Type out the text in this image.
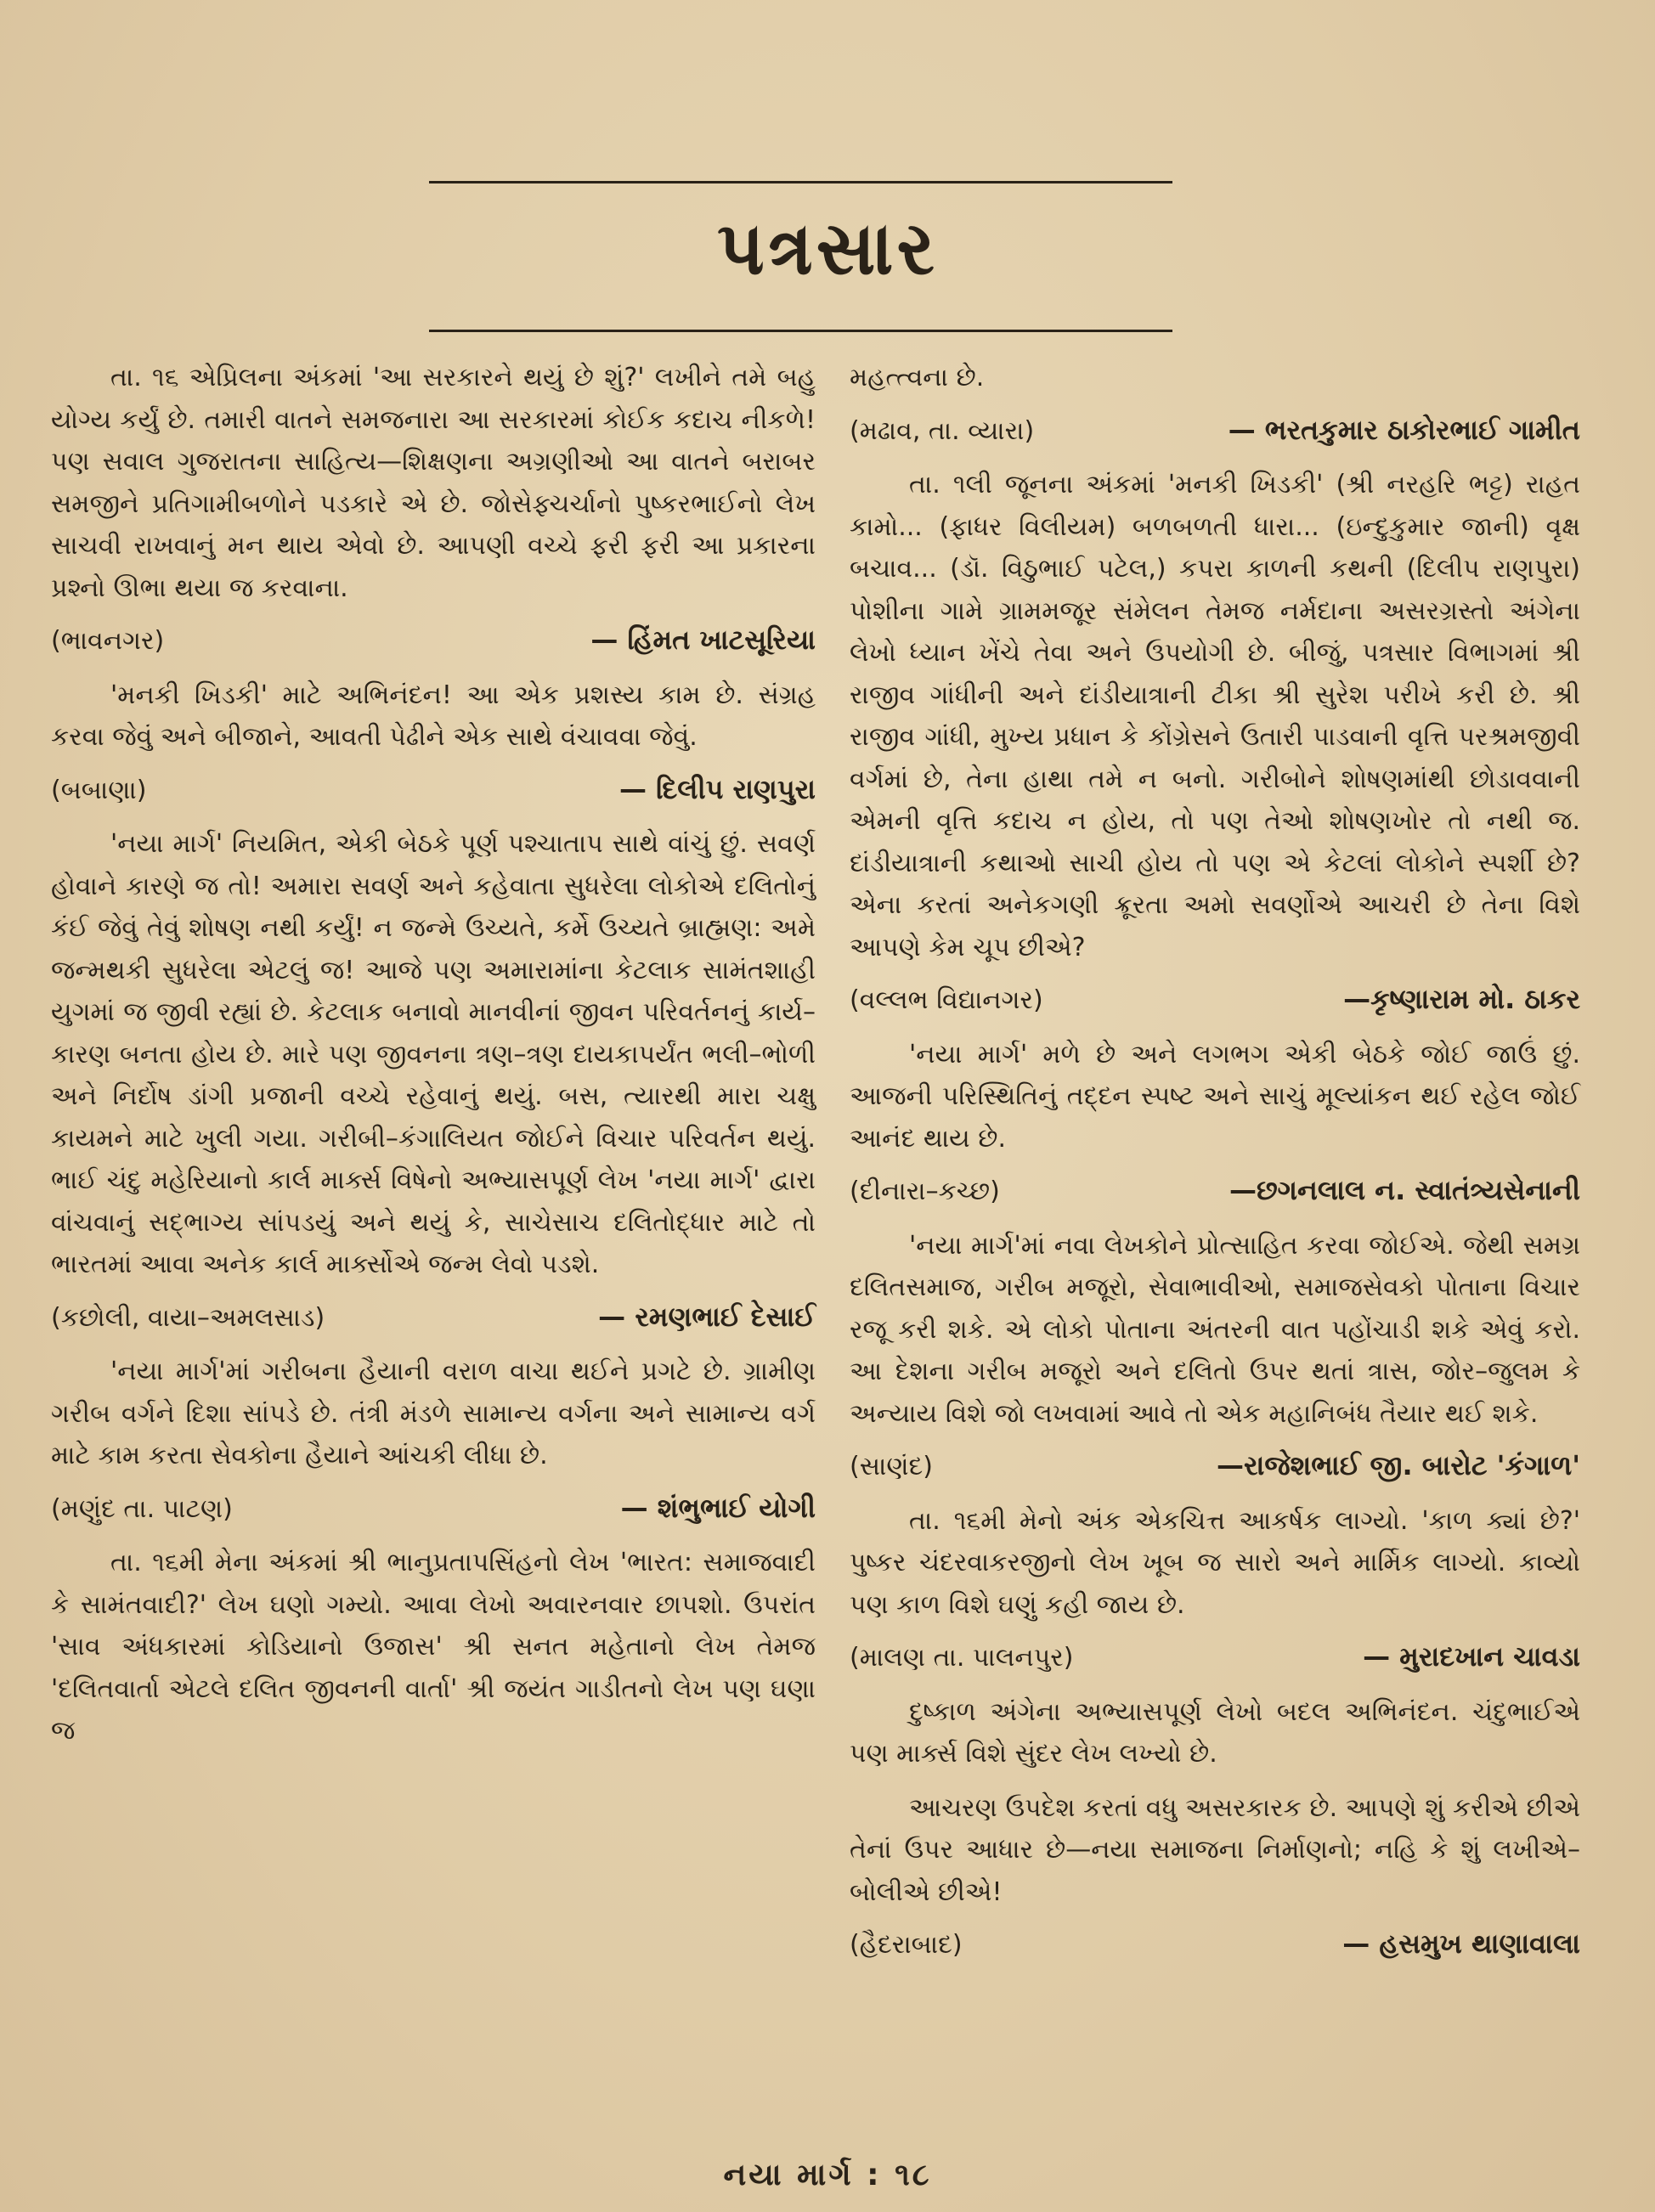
પત્રસાર

તા. ૧૬ એપ્રિલના અંકમાં 'આ સરકારને થયું છે શું?' લખીને તમે બહુ યોગ્ય કર્યું છે. તમારી વાતને સમજનારા આ સરકારમાં કોઈક કદાચ નીકળે! પણ સવાલ ગુજરાતના સાહિત્ય—શિક્ષણના અગ્રણીઓ આ વાતને બરાબર સમજીને પ્રતિગામીબળોને પડકારે એ છે. જોસેફ્ચર્ચાનો પુષ્કરભાઈનો લેખ સાચવી રાખવાનું મન થાય એવો છે. આપણી વચ્ચે ફરી ફરી આ પ્રકારના પ્રશ્નો ઊભા થયા જ કરવાના.

(ભાવનગર)	— હિંમત ખાટસૂરિયા

'મનકી ખિડકી' માટે અભિનંદન! આ એક પ્રશસ્ય કામ છે. સંગ્રહ કરવા જેવું અને બીજાને, આવતી પેઢીને એક સાથે વંચાવવા જેવું.

(બબાણા)	— દિલીપ રાણપુરા

'નયા માર્ગ' નિયમિત, એકી બેઠકે પૂર્ણ પશ્ચાતાપ સાથે વાંચું છું. સવર્ણ હોવાને કારણે જ તો! અમારા સવર્ણ અને કહેવાતા સુધરેલા લોકોએ દલિતોનું કંઈ જેવું તેવું શોષણ નથી કર્યું! ન જન્મે ઉચ્યતે, કર્મે ઉચ્યતે બ્રાહ્મણ: અમે જન્મથકી સુધરેલા એટલું જ! આજે પણ અમારામાંના કેટલાક સામંતશાહી યુગમાં જ જીવી રહ્યાં છે. કેટલાક બનાવો માનવીનાં જીવન પરિવર્તનનું કાર્ય–કારણ બનતા હોય છે. મારે પણ જીવનના ત્રણ–ત્રણ દાયકાપર્યંત ભલી–ભોળી અને નિર્દોષ ડાંગી પ્રજાની વચ્ચે રહેવાનું થયું. બસ, ત્યારથી મારા ચક્ષુ કાયમને માટે ખુલી ગયા. ગરીબી–કંગાલિયત જોઈને વિચાર પરિવર્તન થયું. ભાઈ ચંદુ મહેરિયાનો કાર્લ માર્ક્સ વિષેનો અભ્યાસપૂર્ણ લેખ 'નયા માર્ગ' દ્વારા વાંચવાનું સદ્ભાગ્ય સાંપડયું અને થયું કે, સાચેસાચ દલિતોદ્ધાર માટે તો ભારતમાં આવા અનેક કાર્લ માર્ક્સોએ જન્મ લેવો પડશે.

(કછોલી, વાયા–અમલસાડ)	— રમણભાઈ દેસાઈ

'નયા માર્ગ'માં ગરીબના હૈયાની વરાળ વાચા થઈને પ્રગટે છે. ગ્રામીણ ગરીબ વર્ગને દિશા સાંપડે છે. તંત્રી મંડળે સામાન્ય વર્ગના અને સામાન્ય વર્ગ માટે કામ કરતા સેવકોના હૈયાને આંચકી લીધા છે.

(મણુંદ તા. પાટણ)	— શંભુભાઈ યોગી

તા. ૧૬મી મેના અંકમાં શ્રી ભાનુપ્રતાપસિંહનો લેખ 'ભારત: સમાજવાદી કે સામંતવાદી?' લેખ ઘણો ગમ્યો. આવા લેખો અવારનવાર છાપશો. ઉપરાંત 'સાવ અંધકારમાં કોડિયાનો ઉજાસ' શ્રી સનત મહેતાનો લેખ તેમજ 'દલિતવાર્તા એટલે દલિત જીવનની વાર્તા' શ્રી જયંત ગાડીતનો લેખ પણ ઘણા જ

મહત્ત્વના છે.

(મઢાવ, તા. વ્યારા)	— ભરતકુમાર ઠાકોરભાઈ ગામીત

તા. ૧લી જૂનના અંકમાં 'મનકી ખિડકી' (શ્રી નરહરિ ભટ્ટ) રાહત કામો... (ફાધર વિલીયમ) બળબળતી ધારા... (ઇન્દુકુમાર જાની) વૃક્ષ બચાવ... (ડૉ. વિઠુભાઈ પટેલ,) કપરા કાળની કથની (દિલીપ રાણપુરા) પોશીના ગામે ગ્રામમજૂર સંમેલન તેમજ નર્મદાના અસરગ્રસ્તો અંગેના લેખો ધ્યાન ખેંચે તેવા અને ઉપયોગી છે. બીજું, પત્રસાર વિભાગમાં શ્રી રાજીવ ગાંધીની અને દાંડીયાત્રાની ટીકા શ્રી સુરેશ પરીખે કરી છે. શ્રી રાજીવ ગાંધી, મુખ્ય પ્રધાન કે કોંગ્રેસને ઉતારી પાડવાની વૃત્તિ પરશ્રમજીવી વર્ગમાં છે, તેના હાથા તમે ન બનો. ગરીબોને શોષણમાંથી છોડાવવાની એમની વૃત્તિ કદાચ ન હોય, તો પણ તેઓ શોષણખોર તો નથી જ. દાંડીયાત્રાની કથાઓ સાચી હોય તો પણ એ કેટલાં લોકોને સ્પર્શી છે? એના કરતાં અનેકગણી ક્રૂરતા અમો સવર્ણોએ આચરી છે તેના વિશે આપણે કેમ ચૂપ છીએ?

(વલ્લભ વિદ્યાનગર)	—કૃષ્ણારામ મો. ઠાકર

'નયા માર્ગ' મળે છે અને લગભગ એકી બેઠકે જોઈ જાઉં છું. આજની પરિસ્થિતિનું તદ્દન સ્પષ્ટ અને સાચું મૂલ્યાંકન થઈ રહેલ જોઈ આનંદ થાય છે.

(દીનારા–કચ્છ)	—છગનલાલ ન. સ્વાતંત્ર્યસેનાની

'નયા માર્ગ'માં નવા લેખકોને પ્રોત્સાહિત કરવા જોઈએ. જેથી સમગ્ર દલિતસમાજ, ગરીબ મજૂરો, સેવાભાવીઓ, સમાજસેવકો પોતાના વિચાર રજૂ કરી શકે. એ લોકો પોતાના અંતરની વાત પહોંચાડી શકે એવું કરો. આ દેશના ગરીબ મજૂરો અને દલિતો ઉપર થતાં ત્રાસ, જોર–જુલમ કે અન્યાય વિશે જો લખવામાં આવે તો એક મહાનિબંધ તૈયાર થઈ શકે.

(સાણંદ)	—રાજેશભાઈ જી. બારોટ 'કંગાળ'

તા. ૧૬મી મેનો અંક એકચિત્ત આકર્ષક લાગ્યો. 'કાળ ક્યાં છે?' પુષ્કર ચંદરવાકરજીનો લેખ ખૂબ જ સારો અને માર્મિક લાગ્યો. કાવ્યો પણ કાળ વિશે ઘણું કહી જાય છે.

(માલણ તા. પાલનપુર)	— મુરાદખાન ચાવડા

દુષ્કાળ અંગેના અભ્યાસપૂર્ણ લેખો બદલ અભિનંદન. ચંદુભાઈએ પણ માર્ક્સ વિશે સુંદર લેખ લખ્યો છે.

આચરણ ઉપદેશ કરતાં વધુ અસરકારક છે. આપણે શું કરીએ છીએ તેનાં ઉપર આધાર છે—નયા સમાજના નિર્માણનો; નહિ કે શું લખીએ–બોલીએ છીએ!

(હૈદરાબાદ)	— હસમુખ થાણાવાલા
નયા માર્ગ : ૧૮
